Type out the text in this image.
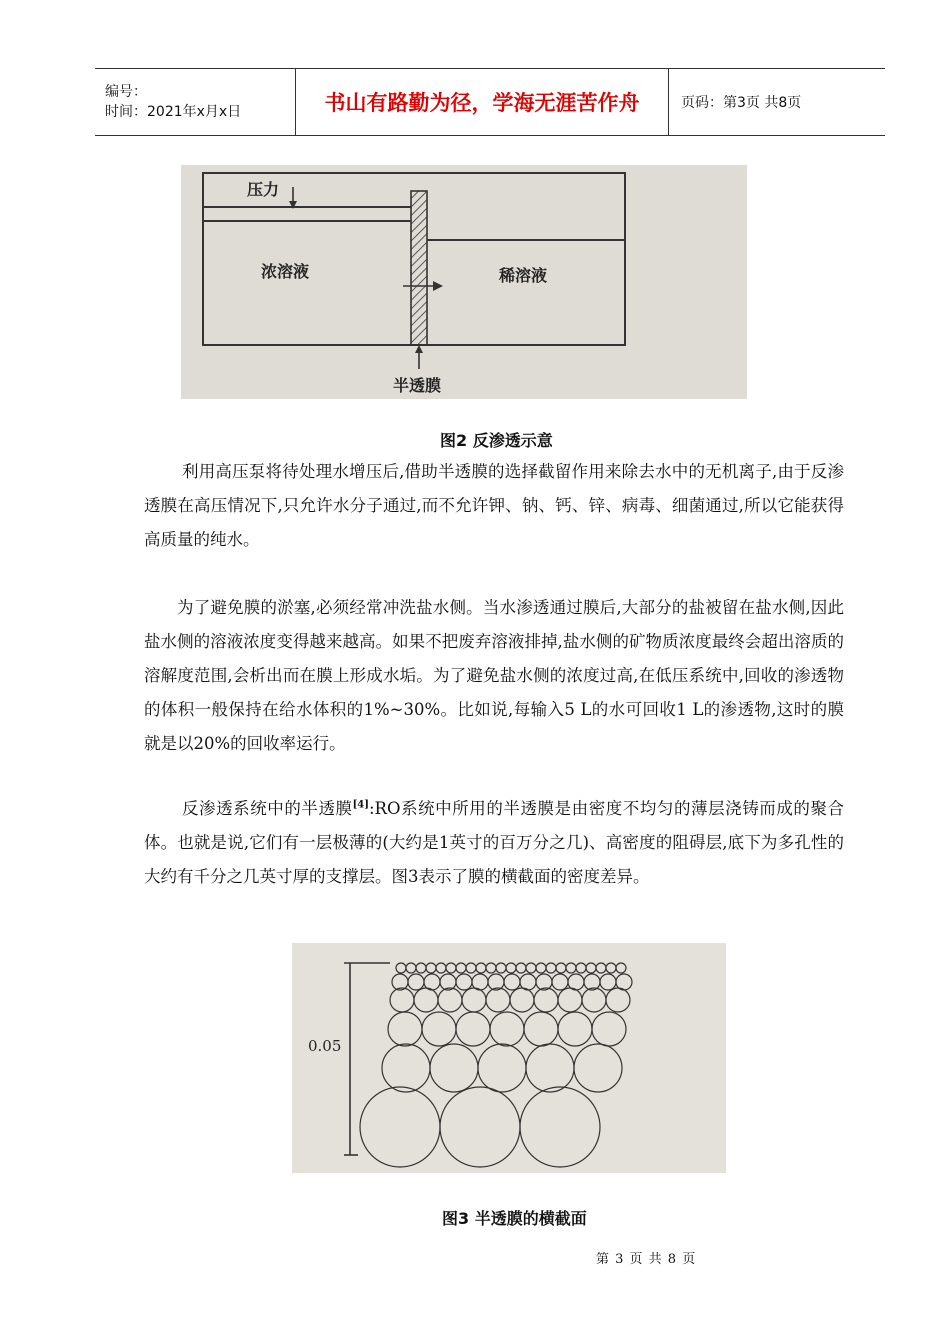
编号：
时间：2021年x月x日	书山有路勤为径，学海无涯苦作舟	页码：第3页 共8页
压力
浓溶液	稀溶液
半透膜
图2 反渗透示意

利用高压泵将待处理水增压后,借助半透膜的选择截留作用来除去水中的无机离子,由于反渗透膜在高压情况下,只允许水分子通过,而不允许钾、钠、钙、锌、病毒、细菌通过,所以它能获得高质量的纯水。

为了避免膜的淤塞,必须经常冲洗盐水侧。当水渗透通过膜后,大部分的盐被留在盐水侧,因此盐水侧的溶液浓度变得越来越高。如果不把废弃溶液排掉,盐水侧的矿物质浓度最终会超出溶质的溶解度范围,会析出而在膜上形成水垢。为了避免盐水侧的浓度过高,在低压系统中,回收的渗透物的体积一般保持在给水体积的1%~30%。比如说,每输入5 L的水可回收1 L的渗透物,这时的膜就是以20%的回收率运行。

反渗透系统中的半透膜[4]:RO系统中所用的半透膜是由密度不均匀的薄层浇铸而成的聚合体。也就是说,它们有一层极薄的(大约是1英寸的百万分之几)、高密度的阻碍层,底下为多孔性的大约有千分之几英寸厚的支撑层。图3表示了膜的横截面的密度差异。

0.05
图3 半透膜的横截面
第 3 页 共 8 页
